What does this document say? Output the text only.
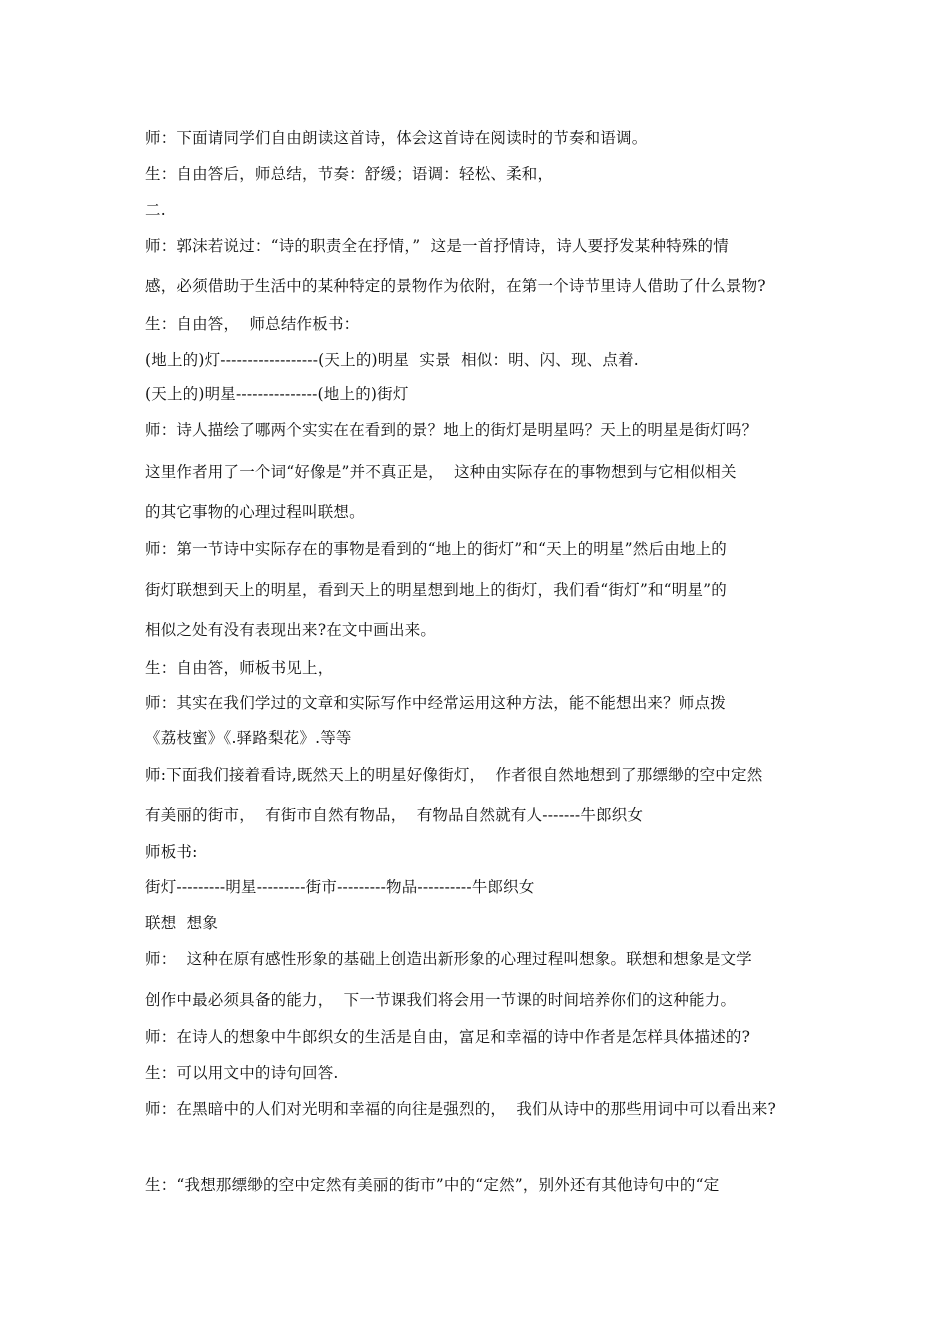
师：下面请同学们自由朗读这首诗，体会这首诗在阅读时的节奏和语调。
生：自由答后，师总结，节奏：舒缓；语调：轻松、柔和，
二.
师：郭沫若说过：“诗的职责全在抒情，”  这是一首抒情诗，诗人要抒发某种特殊的情
感，必须借助于生活中的某种特定的景物作为依附，在第一个诗节里诗人借助了什么景物?
生：自由答，  师总结作板书：
(地上的)灯------------------(天上的)明星  实景  相似：明、闪、现、点着.
(天上的)明星---------------(地上的)街灯
师：诗人描绘了哪两个实实在在看到的景？地上的街灯是明星吗？天上的明星是街灯吗？
这里作者用了一个词“好像是”并不真正是，  这种由实际存在的事物想到与它相似相关
的其它事物的心理过程叫联想。
师：第一节诗中实际存在的事物是看到的“地上的街灯”和“天上的明星”然后由地上的
街灯联想到天上的明星，看到天上的明星想到地上的街灯，我们看“街灯”和“明星”的
相似之处有没有表现出来?在文中画出来。
生：自由答，师板书见上，
师：其实在我们学过的文章和实际写作中经常运用这种方法，能不能想出来？师点拨
《荔枝蜜》《.驿路梨花》.等等
师:下面我们接着看诗,既然天上的明星好像街灯，  作者很自然地想到了那缥缈的空中定然
有美丽的街市，  有街市自然有物品，  有物品自然就有人-------牛郎织女
师板书:
街灯---------明星---------街市---------物品----------牛郎织女
联想  想象
师：  这种在原有感性形象的基础上创造出新形象的心理过程叫想象。联想和想象是文学
创作中最必须具备的能力，  下一节课我们将会用一节课的时间培养你们的这种能力。
师：在诗人的想象中牛郎织女的生活是自由，富足和幸福的诗中作者是怎样具体描述的?
生：可以用文中的诗句回答.
师：在黑暗中的人们对光明和幸福的向往是强烈的，  我们从诗中的那些用词中可以看出来?
生：“我想那缥缈的空中定然有美丽的街市”中的“定然”，别外还有其他诗句中的“定
